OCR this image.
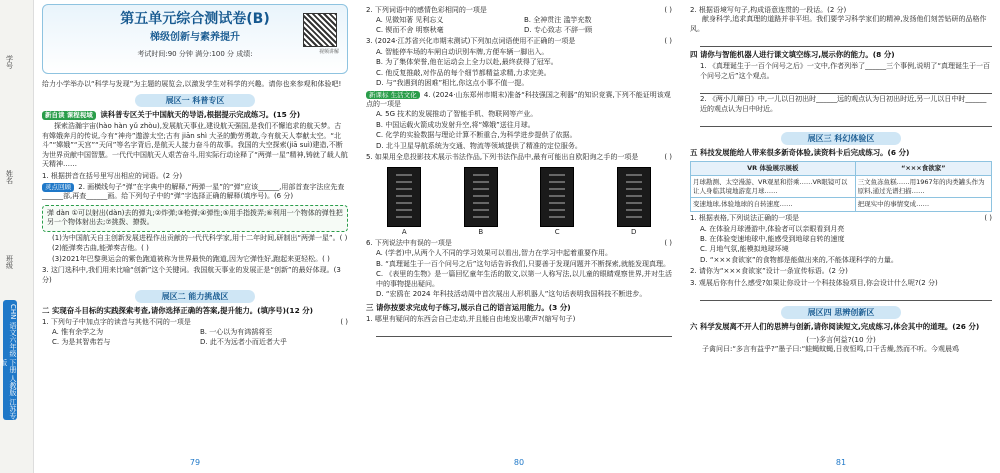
学号
姓名
班级
CHN 语文六年级 下册 人教版 江苏专版
第五单元综合测试卷(B)
梯级创新与素养提升
考试时间:90 分钟 满分:100 分 成绩:	视频讲解
给力小学举办以“科学与发现”为主题的展览会,以激发学生对科学的兴趣。请你也来参观和体验吧!
展区一 科普专区
新自读 课程视域 读科普专区关于中国航天的导语,根据提示完成练习。(15 分)
探索浩瀚宇宙(hào hàn yǔ zhòu),发展航天事业,建设航天强国,是我们不懈追求的航天梦。古有嫦娥奔月的传说,今有“神舟”遨游太空;古有 jiān shì 大圣的勤劳勇敢,今有航天人奉献太空。“北斗”“嫦娥”“天宫”“天问”等名字背后,是航天人接力奋斗的故事。我国的大空探索(jiā suì)建造,不断为世界贡献中国智慧。一代代中国航天人艰苦奋斗,用实际行动诠释了“两弹一星”精神,铸就了载人航天精神……
1. 根据拼音在括号里写出相应的词语。(2 分)
灵点回顾 2. 画横线句子“弹”在字典中的解释,“两弹一星”的“弹”应该______,用部首查字法应先查______部,再查______画。给下列句子中的“弹”字选择正确的解释(填序号)。(6 分)
弹 dàn ①可以射出(dàn)去的弹丸;②炸弹;③枪弹;④弹性;⑤用手指拨弄;⑥利用一个物体的弹性把另一个物体射出去;⑦挑拨、撩拨。
(1)为中国航天自主创新发展进程作出贡献的一代代科学家,用十二年时间,研制出“两弹一星”。( )
(2)能弹奏古曲,能弹奏吉他。( )
(3)2021年巴黎奥运会的紫色跑道被称为世界最快的跑道,因为它弹性好,跑起来更轻松。( )
3. 这门选科中,我们用来比喻“创新”这个关键词。我国航天事业的发展正是“创新”的最好体现。(3 分)
展区二 能力挑战区
二 实现奋斗目标的实践探索考查,请你选择正确的答案,提升能力。(填序号)(12 分)
1. 下列句子中加点字的读音与其他不同的一项是	( )
A. 惟有余学之为	B. 一心以为有鸿鹄将至
C. 为是其智弗若与	D. 此不为远者小而近者大乎
79
2. 下列词语中的感情色彩相同的一项是	( )
A. 见微知著 见利忘义	B. 全神贯注 滥竽充数
C. 锲而不舍 明察秋毫	D. 专心致志 不辞一顾
3. (2024·江苏省兴化市期末测试)下列加点词语使用不正确的一项是	( )
A. 智能停车场的车闸自动识别车牌,方便车辆一脚出入。
B. 为了集体荣誉,他在运动会上全力以赴,最终获得了冠军。
C. 他反复推敲,对作品的每个细节都精益求精,力求完美。
D. 与“我遇到的困难”相比,你这点小事不值一提。
新课标 生活文化 4. (2024·山东郑州市期末)准备“科技强国之利器”的知识竞赛,下列不能证明该观点的一项是
A. 5G 技术的发展推动了智能手机、物联网等产业。
B. 中国运载火箭成功发射升空,将“嫦娥”送往月球。
C. 化学的实验数据与理论计算不断重合,为科学进步提供了依据。
D. 北斗卫星导航系统为交通、物流等领域提供了精准的定位服务。
5. 如果用全息投影技术展示书法作品,下列书法作品中,最有可能出自欧阳询之手的一项是	( )
A	B	C	D
6. 下列说法中有误的一项是	( )
A. (学者)中,从两个人不同的学习效果可以看出,智力在学习中起着重要作用。
B. “真理诞生于一百个问号之后”这句话告诉我们,只要善于发现问题并不断探索,就能发现真理。
C. 《表里的生物》是一篇回忆童年生活的散文,以第一人称写法,以儿童的眼睛观察世界,并对生活中的事物提出疑问。
D. “宏鸥在 2024 年科技活动周中首次展出人形机器人”这句话表明我国科技不断进步。
三 请你按要求完成句子练习,展示自己的语言运用能力。(3 分)
1. 哪里有疑问的东西会自己走动,并且能自由地发出歌声?(缩写句子)
80
2. 根据语境写句子,构成语意连贯的一段话。(2 分)
献身科学,追求真理的道路并非平坦。我们要学习科学家们的精神,发扬他们刻苦钻研的品格作风。
四 请你与智能机器人进行课文填空练习,展示你的能力。(8 分)
1. 《真理诞生于一百个问号之后》一文中,作者列举了______三个事例,说明了“真理诞生于一百个问号之后”这个观点。
2. 《两小儿辩日》中,一儿以日初出时______远的观点认为日初出时近,另一儿以日中时______近的观点认为日中时近。
展区三 科幻体验区
五 科技发展能给人带来很多新奇体验,读资料卡后完成练习。(6 分)
VR 体验展示展板	“×××食欲家”
月球勘测、太空漫游、VR观星和搭乘……VR眼镜可以让人身临其境地游览月球……	三文鱼冻鱼糕……用1967年的肉类罐头作为原料,通过光谱扫描……
变速地球,体验地球的自转速度……	把现实中的事情变成……
1. 根据表格,下列说法正确的一项是	( )
A. 在体验月球漫游中,体验者可以亲眼看到月亮
B. 在体验变速地球中,能感受到地球自转的速度
C. 月地气氛,能模拟地球环境
D. “×××食欲家”的食物都是能做出来的,不能体现科学的力量。
2. 请你为“×××食欲家”设计一条宣传标语。(2 分)
3. 观展后你有什么感受?如果让你设计一个科技体验项目,你会设计什么呢?(2 分)
展区四 思辨创新区
六 科学发展离不开人们的思辨与创新,请你阅读短文,完成练习,体会其中的道理。(26 分)
(一)多言何益?(10 分)
子禽问曰:“多言有益乎?”墨子曰:“蛙蝇蚊蝇,日夜恒鸣,口干舌燥,然而不听。今观晨鸡
81
